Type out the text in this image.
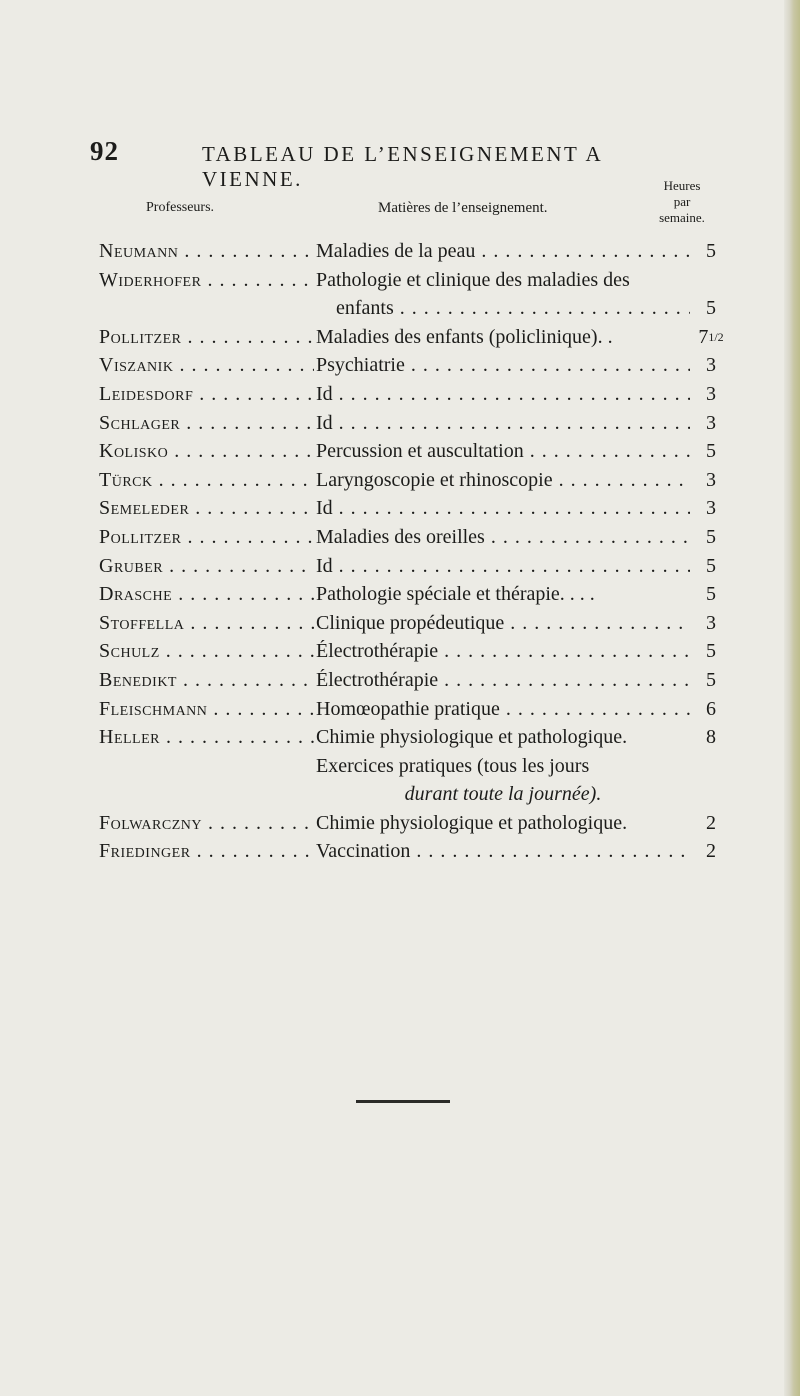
92	TABLEAU DE L’ENSEIGNEMENT A VIENNE.
Professeurs.	Matières de l’enseignement.
Heures
par
semaine.
Neumann . . .	Maladies de la peau . . .	5
Widerhofer . . .	Pathologie et clinique des maladies des
enfants . . .	5
Pollitzer . . .	Maladies des enfants (policlinique). .	71/2
Viszanik . . .	Psychiatrie . . .	3
Leidesdorf . . .	Id . . .	3
Schlager . . .	Id . . .	3
Kolisko . . .	Percussion et auscultation . . .	5
Türck . . .	Laryngoscopie et rhinoscopie . . .	3
Semeleder . . .	Id . . .	3
Pollitzer . . .	Maladies des oreilles . . .	5
Gruber . . .	Id . . .	5
Drasche . . .	Pathologie spéciale et thérapie. . . .	5
Stoffella . . .	Clinique propédeutique . . .	3
Schulz . . .	Électrothérapie . . .	5
Benedikt . . .	Électrothérapie . . .	5
Fleischmann . . .	Homœopathie pratique . . .	6
Heller . . .	Chimie physiologique et pathologique.	8
Exercices pratiques (tous les jours
durant toute la journée).
Folwarczny . . .	Chimie physiologique et pathologique.	2
Friedinger . . .	Vaccination . . .	2
